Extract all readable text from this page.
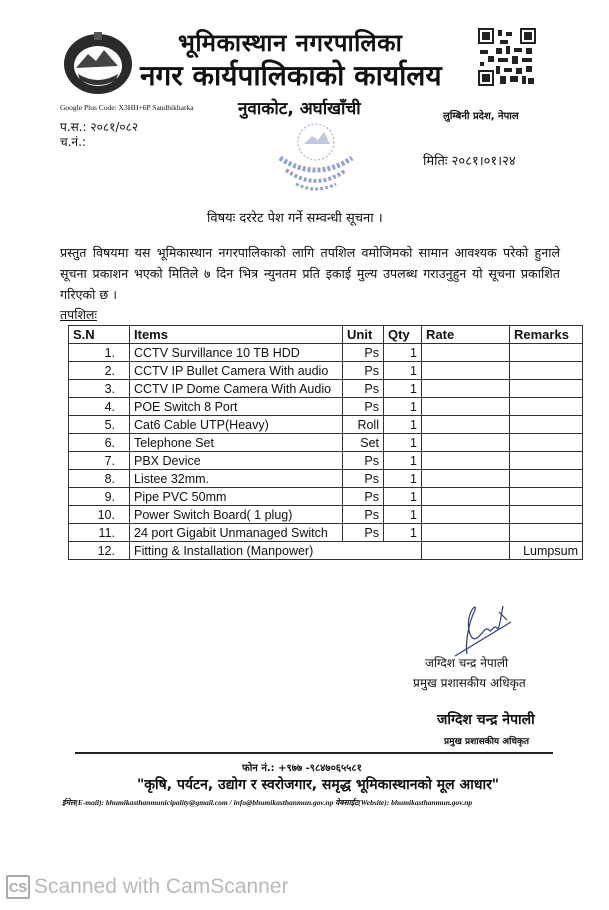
भूमिकास्थान नगरपालिका
नगर कार्यपालिकाको कार्यालय
Google Plus Code: X3HH+6P Sandhikharka	नुवाकोट, अर्घाखाँची	लुम्बिनी प्रदेश, नेपाल
प.स.: २०८१/०८२
च.नं.:
मितिः २०८१।०१।२४
विषयः दररेट पेश गर्ने सम्वन्धी सूचना ।
प्रस्तुत विषयमा यस भूमिकास्थान नगरपालिकाको लागि तपशिल वमोजिमको सामान आवश्यक परेको हुनाले सूचना प्रकाशन भएको मितिले ७ दिन भित्र न्युनतम प्रति इकाई मुल्य उपलब्ध गराउनुहुन यो सूचना प्रकाशित गरिएको छ ।
तपशिलः
S.N	Items	Unit	Qty	Rate	Remarks
1.	CCTV Survillance 10 TB HDD	Ps	1		
2.	CCTV IP Bullet Camera With audio	Ps	1		
3.	CCTV IP Dome Camera With Audio	Ps	1		
4.	POE Switch 8 Port	Ps	1		
5.	Cat6 Cable UTP(Heavy)	Roll	1		
6.	Telephone Set	Set	1		
7.	PBX Device	Ps	1		
8.	Listee 32mm.	Ps	1		
9.	Pipe PVC 50mm	Ps	1		
10.	Power Switch Board( 1 plug)	Ps	1		
11.	24 port Gigabit Unmanaged Switch	Ps	1		
12.	Fitting & Installation (Manpower)				Lumpsum
जग्दिश चन्द्र नेपाली
प्रमुख प्रशासकीय अधिकृत
जग्दिश चन्द्र नेपाली
प्रमुख प्रशासकीय अधिकृत
फोन नं.: +९७७ -९८४७०६५५८१
"कृषि, पर्यटन, उद्योग र स्वरोजगार, समृद्ध भूमिकास्थानको मूल आधार"
ईमेल(E-mail): bhumikasthanmunicipality@gmail.com / info@bhumikasthanmun.gov.np वेबसाईट(Website): bhumikasthanmun.gov.np
CS Scanned with CamScanner
